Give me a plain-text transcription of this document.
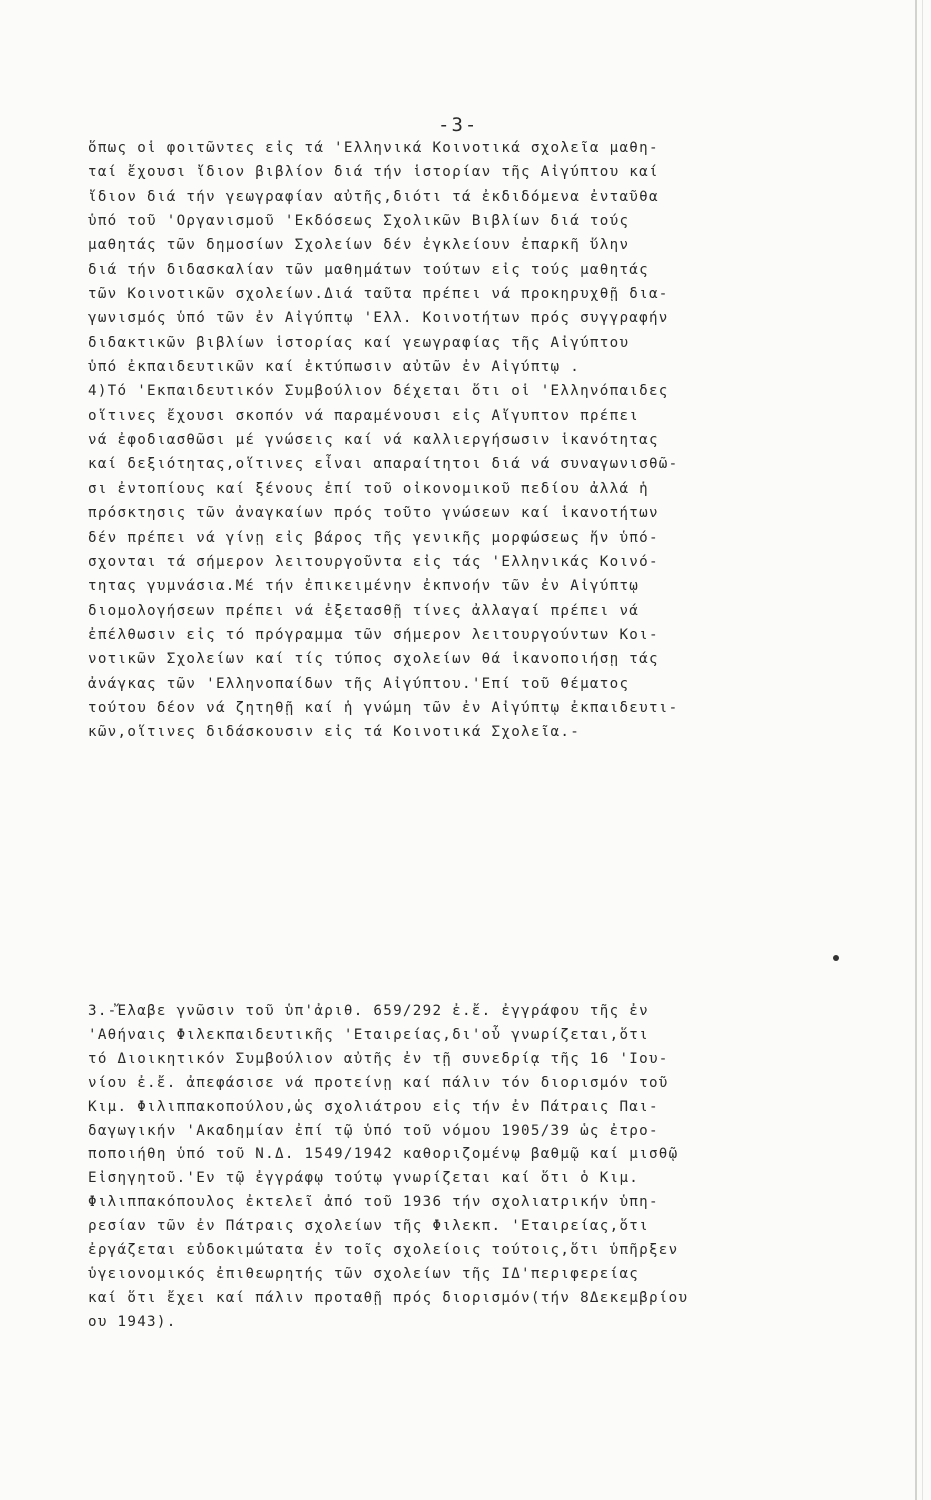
-3-
ὅπως οἱ φοιτῶντες εἰς τά 'Ελληνικά Κοινοτικά σχολεῖα μαθη-
ταί ἔχουσι ἴδιον βιβλίον διά τήν ἱστορίαν τῆς Αἰγύπτου καί
ἴδιον διά τήν γεωγραφίαν αὐτῆς,διότι τά ἐκδιδόμενα ἐνταῦθα
ὑπό τοῦ 'Οργανισμοῦ 'Εκδόσεως Σχολικῶν Βιβλίων διά τούς
μαθητάς τῶν δημοσίων Σχολείων δέν ἐγκλείουν ἐπαρκῆ ὕλην
διά τήν διδασκαλίαν τῶν μαθημάτων τούτων εἰς τούς μαθητάς
τῶν Κοινοτικῶν σχολείων.Διά ταῦτα πρέπει νά προκηρυχθῇ δια-
γωνισμός ὑπό τῶν ἐν Αἰγύπτῳ 'Ελλ. Κοινοτήτων πρός συγγραφήν
διδακτικῶν βιβλίων ἱστορίας καί γεωγραφίας τῆς Αἰγύπτου
ὑπό ἐκπαιδευτικῶν καί ἐκτύπωσιν αὐτῶν ἐν Αἰγύπτῳ .
4)Τό 'Εκπαιδευτικόν Συμβούλιον δέχεται ὅτι οἱ 'Ελληνόπαιδες
οἵτινες ἔχουσι σκοπόν νά παραμένουσι εἰς Αἴγυπτον πρέπει
νά ἐφοδιασθῶσι μέ γνώσεις καί νά καλλιεργήσωσιν ἱκανότητας
καί δεξιότητας,οἵτινες εἶναι απαραίτητοι διά νά συναγωνισθῶ-
σι ἐντοπίους καί ξένους ἐπί τοῦ οἰκονομικοῦ πεδίου ἀλλά ἡ
πρόσκτησις τῶν ἀναγκαίων πρός τοῦτο γνώσεων καί ἱκανοτήτων
δέν πρέπει νά γίνῃ εἰς βάρος τῆς γενικῆς μορφώσεως ἥν ὑπό-
σχονται τά σήμερον λειτουργοῦντα εἰς τάς 'Ελληνικάς Κοινό-
τητας γυμνάσια.Μέ τήν ἐπικειμένην ἐκπνοήν τῶν ἐν Αἰγύπτῳ
διομολογήσεων πρέπει νά ἐξετασθῇ τίνες ἀλλαγαί πρέπει νά
ἐπέλθωσιν εἰς τό πρόγραμμα τῶν σήμερον λειτουργούντων Κοι-
νοτικῶν Σχολείων καί τίς τύπος σχολείων θά ἱκανοποιήσῃ τάς
ἀνάγκας τῶν 'Ελληνοπαίδων τῆς Αἰγύπτου.'Επί τοῦ θέματος
τούτου δέον νά ζητηθῇ καί ἡ γνώμη τῶν ἐν Αἰγύπτῳ ἐκπαιδευτι-
κῶν,οἵτινες διδάσκουσιν εἰς τά Κοινοτικά Σχολεῖα.-
3.-Ἔλαβε γνῶσιν τοῦ ὑπ'ἀριθ. 659/292 ἐ.ἔ. ἐγγράφου τῆς ἐν
'Αθήναις Φιλεκπαιδευτικῆς 'Εταιρείας,δι'οὗ γνωρίζεται,ὅτι
τό Διοικητικόν Συμβούλιον αὐτῆς ἐν τῇ συνεδρίᾳ τῆς 16 'Ιου-
νίου ἐ.ἔ. ἀπεφάσισε νά προτείνῃ καί πάλιν τόν διορισμόν τοῦ
Κιμ. Φιλιππακοπούλου,ὡς σχολιάτρου εἰς τήν ἐν Πάτραις Παι-
δαγωγικήν 'Ακαδημίαν ἐπί τῷ ὑπό τοῦ νόμου 1905/39 ὡς ἐτρο-
ποποιήθη ὑπό τοῦ Ν.Δ. 1549/1942 καθοριζομένῳ βαθμῷ καί μισθῷ
Εἰσηγητοῦ.'Εν τῷ ἐγγράφῳ τούτῳ γνωρίζεται καί ὅτι ὁ Κιμ.
Φιλιππακόπουλος ἐκτελεῖ ἀπό τοῦ 1936 τήν σχολιατρικήν ὑπη-
ρεσίαν τῶν ἐν Πάτραις σχολείων τῆς Φιλεκπ. 'Εταιρείας,ὅτι
ἐργάζεται εὐδοκιμώτατα ἐν τοῖς σχολείοις τούτοις,ὅτι ὑπῆρξεν
ὑγειονομικός ἐπιθεωρητής τῶν σχολείων τῆς ΙΔ'περιφερείας
καί ὅτι ἔχει καί πάλιν προταθῇ πρός διορισμόν(τήν 8Δεκεμβρίου
ου 1943).
